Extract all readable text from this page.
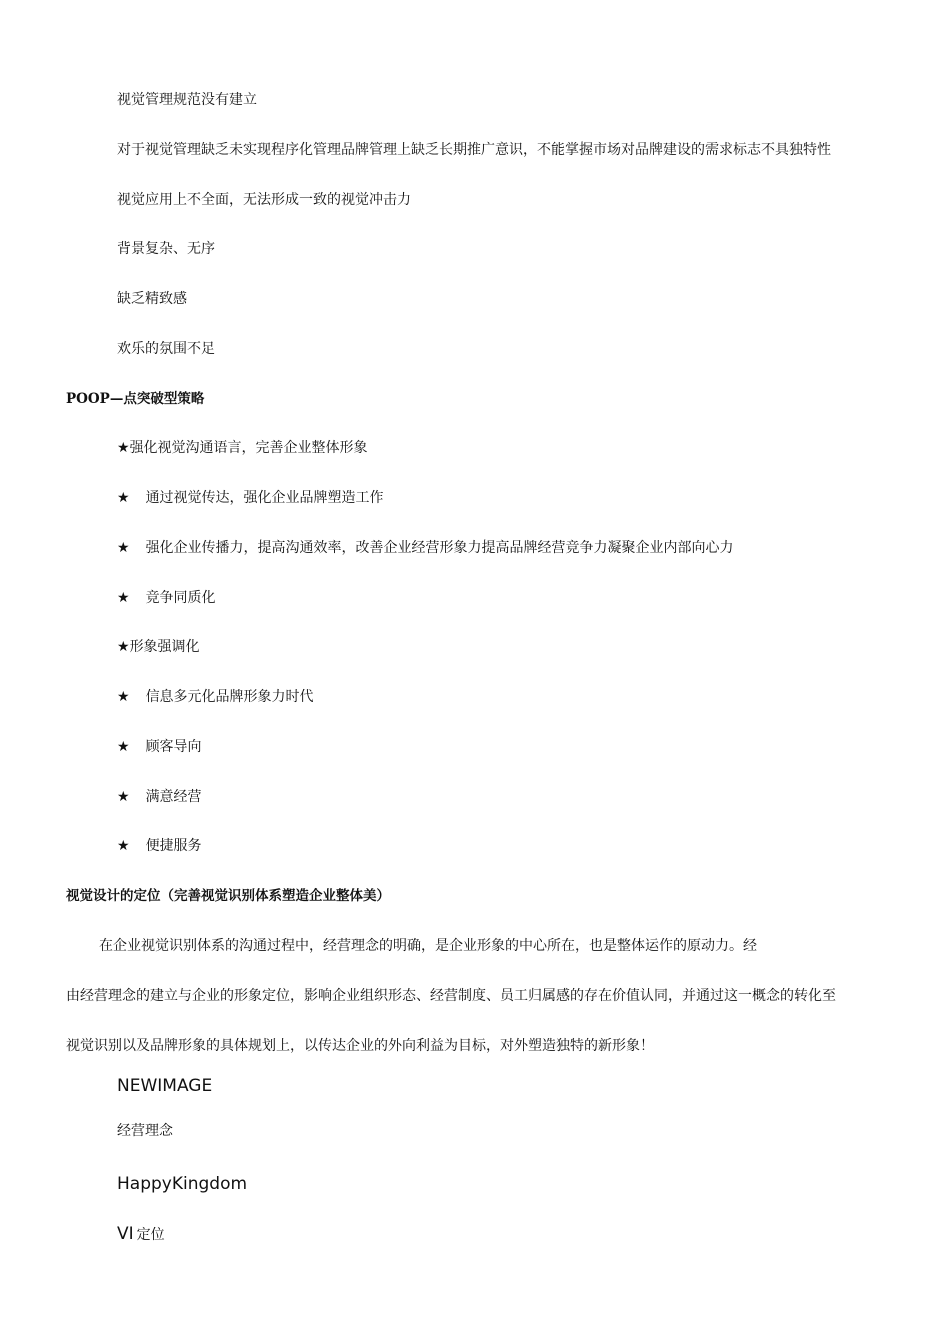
视觉管理规范没有建立
对于视觉管理缺乏未实现程序化管理品牌管理上缺乏长期推广意识，不能掌握市场对品牌建设的需求标志不具独特性
视觉应用上不全面，无法形成一致的视觉冲击力
背景复杂、无序
缺乏精致感
欢乐的氛围不足
POOP—点突破型策略
★强化视觉沟通语言，完善企业整体形象
★ 通过视觉传达，强化企业品牌塑造工作
★ 强化企业传播力，提高沟通效率，改善企业经营形象力提高品牌经营竞争力凝聚企业内部向心力
★ 竞争同质化
★形象强调化
★ 信息多元化品牌形象力时代
★ 顾客导向
★ 满意经营
★ 便捷服务
视觉设计的定位（完善视觉识别体系塑造企业整体美）
在企业视觉识别体系的沟通过程中，经营理念的明确，是企业形象的中心所在，也是整体运作的原动力。经
由经营理念的建立与企业的形象定位，影响企业组织形态、经营制度、员工归属感的存在价值认同，并通过这一概念的转化至
视觉识别以及品牌形象的具体规划上，以传达企业的外向利益为目标，对外塑造独特的新形象！
NEWIMAGE
经营理念
HappyKingdom
VI 定位
